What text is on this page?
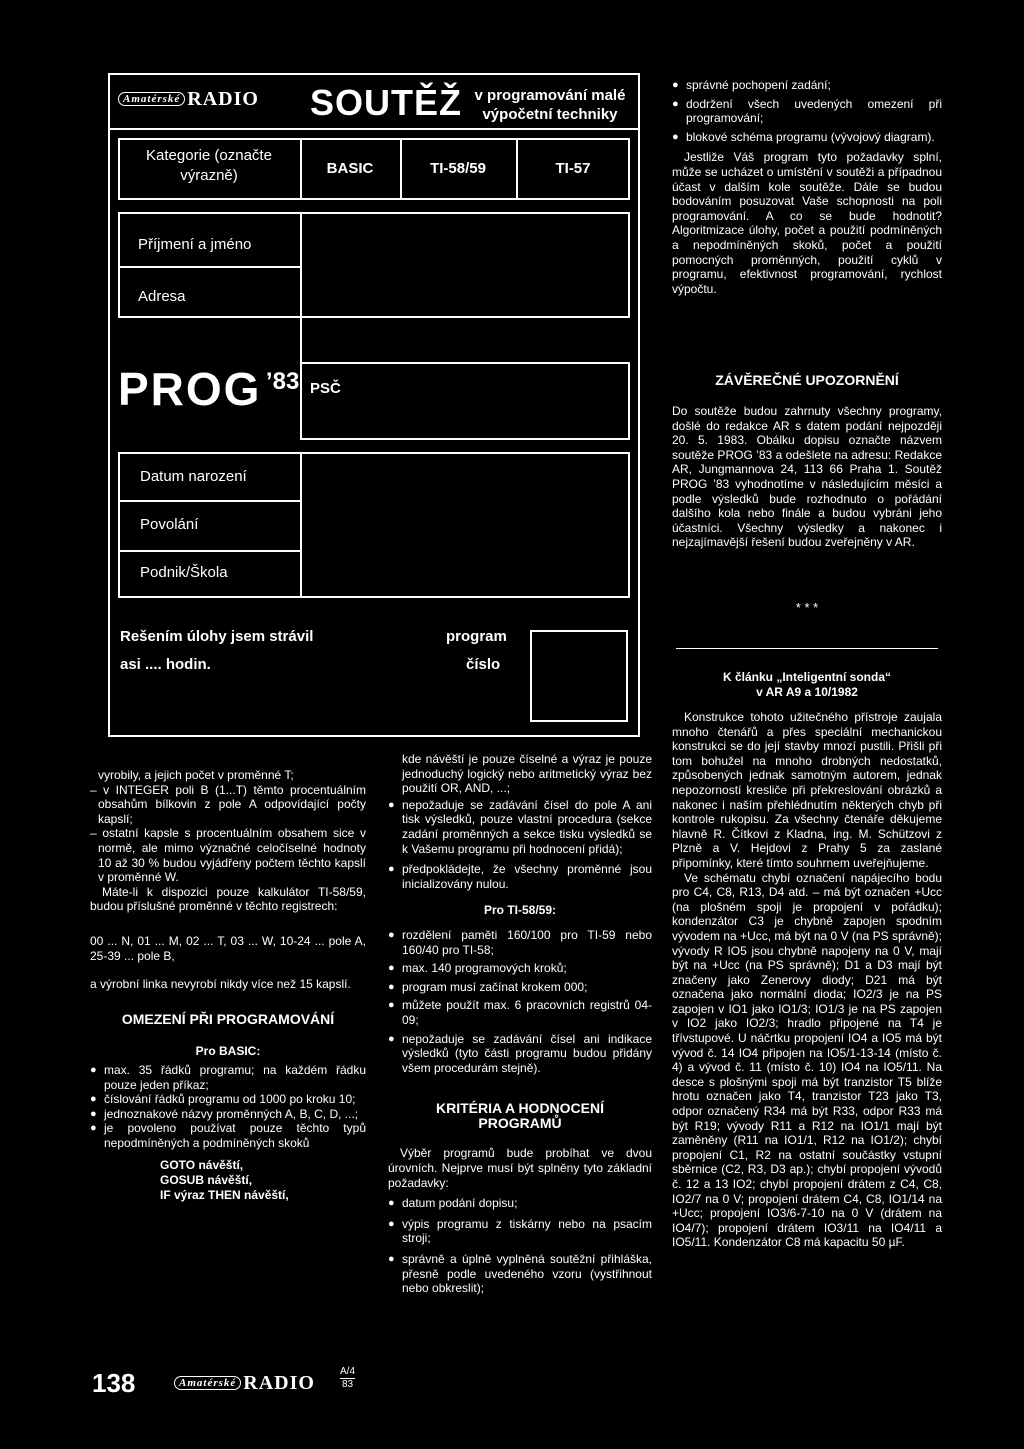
Amatérské RADIO SOUTĚŽ v programování malé výpočetní techniky
Kategorie (označte výrazně)	BASIC	TI-58/59	TI-57
Příjmení a jméno
Adresa
PROG ’83 PSČ
Datum narození
Povolání
Podnik/Škola
Rešením úlohy jsem strávil
asi .... hodin.
program
číslo
● správné pochopení zadání;
● dodržení všech uvedených omezení při programování;
● blokové schéma programu (vývojový diagram).

Jestliže Váš program tyto požadavky splní, může se ucházet o umístění v soutěži a případnou účast v dalším kole soutěže. Dále se budou bodováním posuzovat Vaše schopnosti na poli programování. A co se bude hodnotit? Algoritmizace úlohy, počet a použití podmíněných a nepodmíněných skoků, počet a použití pomocných proměnných, použití cyklů v programu, efektivnost programování, rychlost výpočtu.

ZÁVĚREČNÉ UPOZORNĚNÍ
Do soutěže budou zahrnuty všechny programy, došlé do redakce AR s datem podání nejpozději 20. 5. 1983. Obálku dopisu označte názvem soutěže PROG ’83 a odešlete na adresu: Redakce AR, Jungmannova 24, 113 66 Praha 1. Soutěž PROG ’83 vyhodnotíme v následujícím měsíci a podle výsledků bude rozhodnuto o pořádání dalšího kola nebo finále a budou vybráni jeho účastníci. Všechny výsledky a nakonec i nejzajímavější řešení budou zveřejněny v AR.
* * *
K článku „Inteligentní sonda“
v AR A9 a 10/1982

Konstrukce tohoto užitečného přístroje zaujala mnoho čtenářů a přes speciální mechanickou konstrukci se do její stavby mnozí pustili. Přišli při tom bohužel na mnoho drobných nedostatků, způsobených jednak samotným autorem, jednak nepozorností kresliče při překreslování obrázků a nakonec i naším přehlédnutím některých chyb při kontrole rukopisu. Za všechny čtenáře děkujeme hlavně R. Čítkovi z Kladna, ing. M. Schützovi z Plzně a V. Hejdovi z Prahy 5 za zaslané připomínky, které tímto souhrnem uveřejňujeme.

Ve schématu chybí označení napájecího bodu pro C4, C8, R13, D4 atd. – má být označen +Ucc (na plošném spoji je propojení v pořádku); kondenzátor C3 je chybně zapojen spodním vývodem na +Ucc, má být na 0 V (na PS správně); vývody R IO5 jsou chybně napojeny na 0 V, mají být na +Ucc (na PS správně); D1 a D3 mají být značeny jako Zenerovy diody; D21 má být označena jako normální dioda; IO2/3 je na PS zapojen v IO1 jako IO1/3; IO1/3 je na PS zapojen v IO2 jako IO2/3; hradlo připojené na T4 je třívstupové. U náčrtku propojení IO4 a IO5 má být vývod č. 14 IO4 připojen na IO5/1-13-14 (místo č. 4) a vývod č. 11 (místo č. 10) IO4 na IO5/11. Na desce s plošnými spoji má být tranzistor T5 blíže hrotu označen jako T4, tranzistor T23 jako T3, odpor označený R34 má být R33, odpor R33 má být R19; vývody R11 a R12 na IO1/1 mají být zaměněny (R11 na IO1/1, R12 na IO1/2); chybí propojení C1, R2 na ostatní součástky vstupní sběrnice (C2, R3, D3 ap.); chybí propojení vývodů č. 12 a 13 IO2; chybí propojení drátem z C4, C8, IO2/7 na 0 V; propojení drátem C4, C8, IO1/14 na +Ucc; propojení IO3/6-7-10 na 0 V (drátem na IO4/7); propojení drátem IO3/11 na IO4/11 a IO5/11. Kondenzátor C8 má kapacitu 50 µF.

vyrobily, a jejich počet v proměnné T;

– v INTEGER poli B (1...T) těmto procentuálním obsahům bílkovin z pole A odpovídající počty kapslí;

– ostatní kapsle s procentuálním obsahem sice v normě, ale mimo význačné celočíselné hodnoty 10 až 30 % budou vyjádřeny počtem těchto kapslí v proměnné W.

Máte-li k dispozici pouze kalkulátor TI-58/59, budou příslušné proměnné v těchto registrech:

00 ... N, 01 ... M, 02 ... T, 03 ... W, 10-24 ... pole A, 25-39 ... pole B,

a výrobní linka nevyrobí nikdy více než 15 kapslí.

OMEZENÍ PŘI PROGRAMOVÁNÍ
Pro BASIC:
● max. 35 řádků programu; na každém řádku pouze jeden příkaz;
● číslování řádků programu od 1000 po kroku 10;
● jednoznakové názvy proměnných A, B, C, D, ...;
● je povoleno používat pouze těchto typů nepodmíněných a podmíněných skoků
GOTO návěští,
GOSUB návěští,
IF výraz THEN návěští,

kde návěští je pouze číselné a výraz je pouze jednoduchý logický nebo aritmetický výraz bez použití OR, AND, ...;

● nepožaduje se zadávání čísel do pole A ani tisk výsledků, pouze vlastní procedura (sekce zadání proměnných a sekce tisku výsledků se k Vašemu programu při hodnocení přidá);
● předpokládejte, že všechny proměnné jsou inicializovány nulou.
Pro TI-58/59:
● rozdělení paměti 160/100 pro TI-59 nebo 160/40 pro TI-58;
● max. 140 programových kroků;
● program musí začínat krokem 000;
● můžete použít max. 6 pracovních registrů 04-09;
● nepožaduje se zadávání čísel ani indikace výsledků (tyto části programu budou přidány všem procedurám stejně).
KRITÉRIA A HODNOCENÍ PROGRAMŮ

Výběr programů bude probíhat ve dvou úrovních. Nejprve musí být splněny tyto základní požadavky:

● datum podání dopisu;
● výpis programu z tiskárny nebo na psacím stroji;
● správně a úplně vyplněná soutěžní přihláška, přesně podle uvedeného vzoru (vystřihnout nebo obkreslit);
138	Amatérské RADIO	A/4
83
